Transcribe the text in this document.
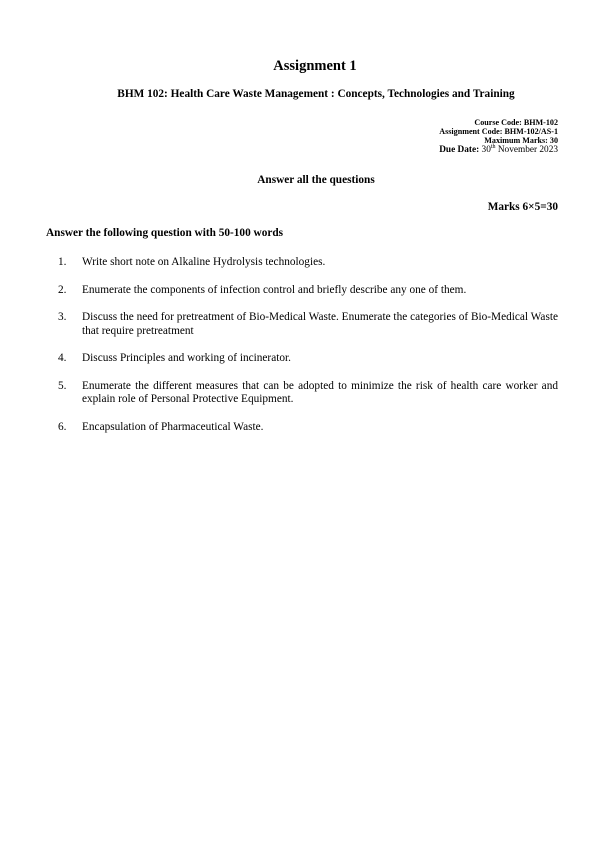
Assignment 1
BHM 102: Health Care Waste Management : Concepts, Technologies and Training
Course Code: BHM-102
Assignment Code: BHM-102/AS-1
Maximum Marks: 30
Due Date: 30th November 2023
Answer all the questions
Marks 6×5=30
Answer the following question with 50-100 words
1.	Write short note on Alkaline Hydrolysis technologies.
2.	Enumerate the components of infection control and briefly describe any one of them.
3.	Discuss the need for pretreatment of Bio-Medical Waste. Enumerate the categories of Bio-Medical Waste that require pretreatment
4.	Discuss Principles and working of incinerator.
5.	Enumerate the different measures that can be adopted to minimize the risk of health care worker and explain role of Personal Protective Equipment.
6.	Encapsulation of Pharmaceutical Waste.
